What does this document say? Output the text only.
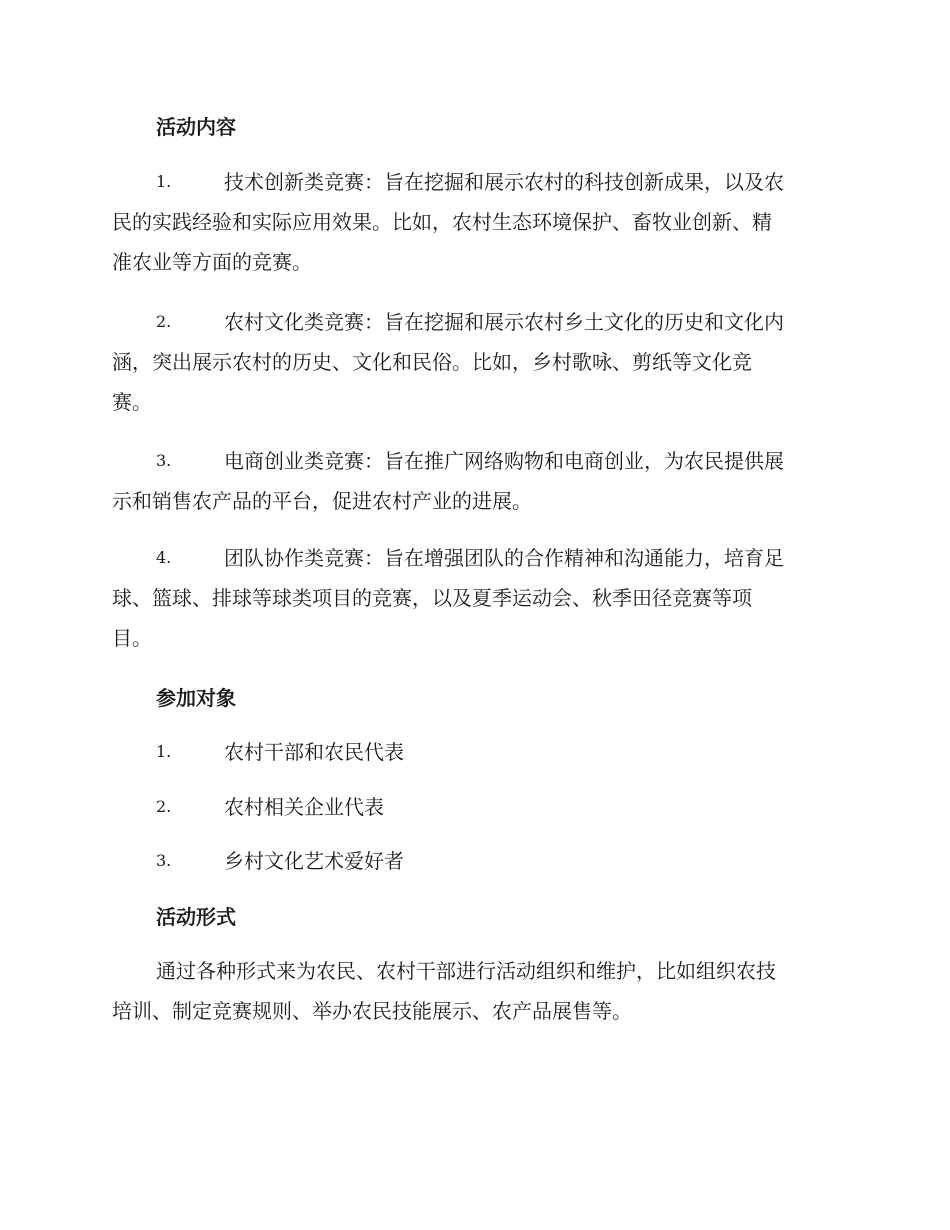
活动内容
1.	技术创新类竞赛：旨在挖掘和展示农村的科技创新成果，以及农
民的实践经验和实际应用效果。比如，农村生态环境保护、畜牧业创新、精
准农业等方面的竞赛。
2.	农村文化类竞赛：旨在挖掘和展示农村乡土文化的历史和文化内
涵，突出展示农村的历史、文化和民俗。比如，乡村歌咏、剪纸等文化竞
赛。
3.	电商创业类竞赛：旨在推广网络购物和电商创业，为农民提供展
示和销售农产品的平台，促进农村产业的进展。
4.	团队协作类竞赛：旨在增强团队的合作精神和沟通能力，培育足
球、篮球、排球等球类项目的竞赛，以及夏季运动会、秋季田径竞赛等项
目。
参加对象
1.	农村干部和农民代表
2.	农村相关企业代表
3.	乡村文化艺术爱好者
活动形式
通过各种形式来为农民、农村干部进行活动组织和维护，比如组织农技
培训、制定竞赛规则、举办农民技能展示、农产品展售等。
